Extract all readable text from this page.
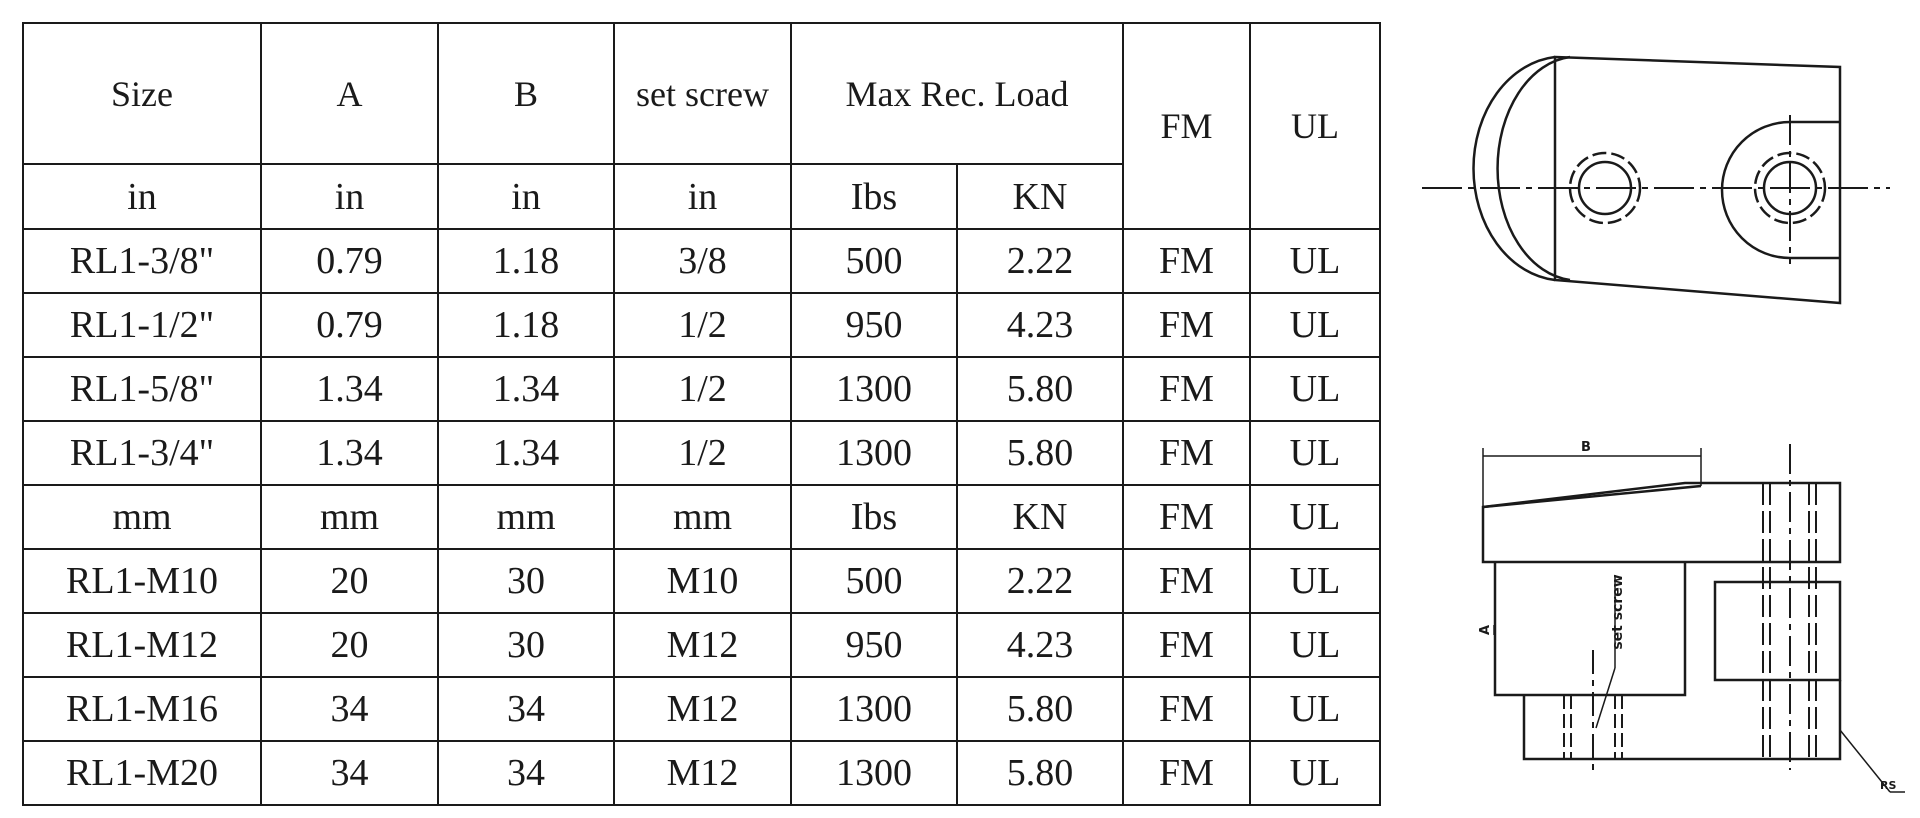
Size	A	B	set screw	Max Rec. Load		FM	UL
in	in	in	in	Ibs	KN		
RL1-3/8"	0.79	1.18	3/8	500	2.22	FM	UL
RL1-1/2"	0.79	1.18	1/2	950	4.23	FM	UL
RL1-5/8"	1.34	1.34	1/2	1300	5.80	FM	UL
RL1-3/4"	1.34	1.34	1/2	1300	5.80	FM	UL
mm	mm	mm	mm	Ibs	KN	FM	UL
RL1-M10	20	30	M10	500	2.22	FM	UL
RL1-M12	20	30	M12	950	4.23	FM	UL
RL1-M16	34	34	M12	1300	5.80	FM	UL
RL1-M20	34	34	M12	1300	5.80	FM	UL
B
A	set screw
RS
